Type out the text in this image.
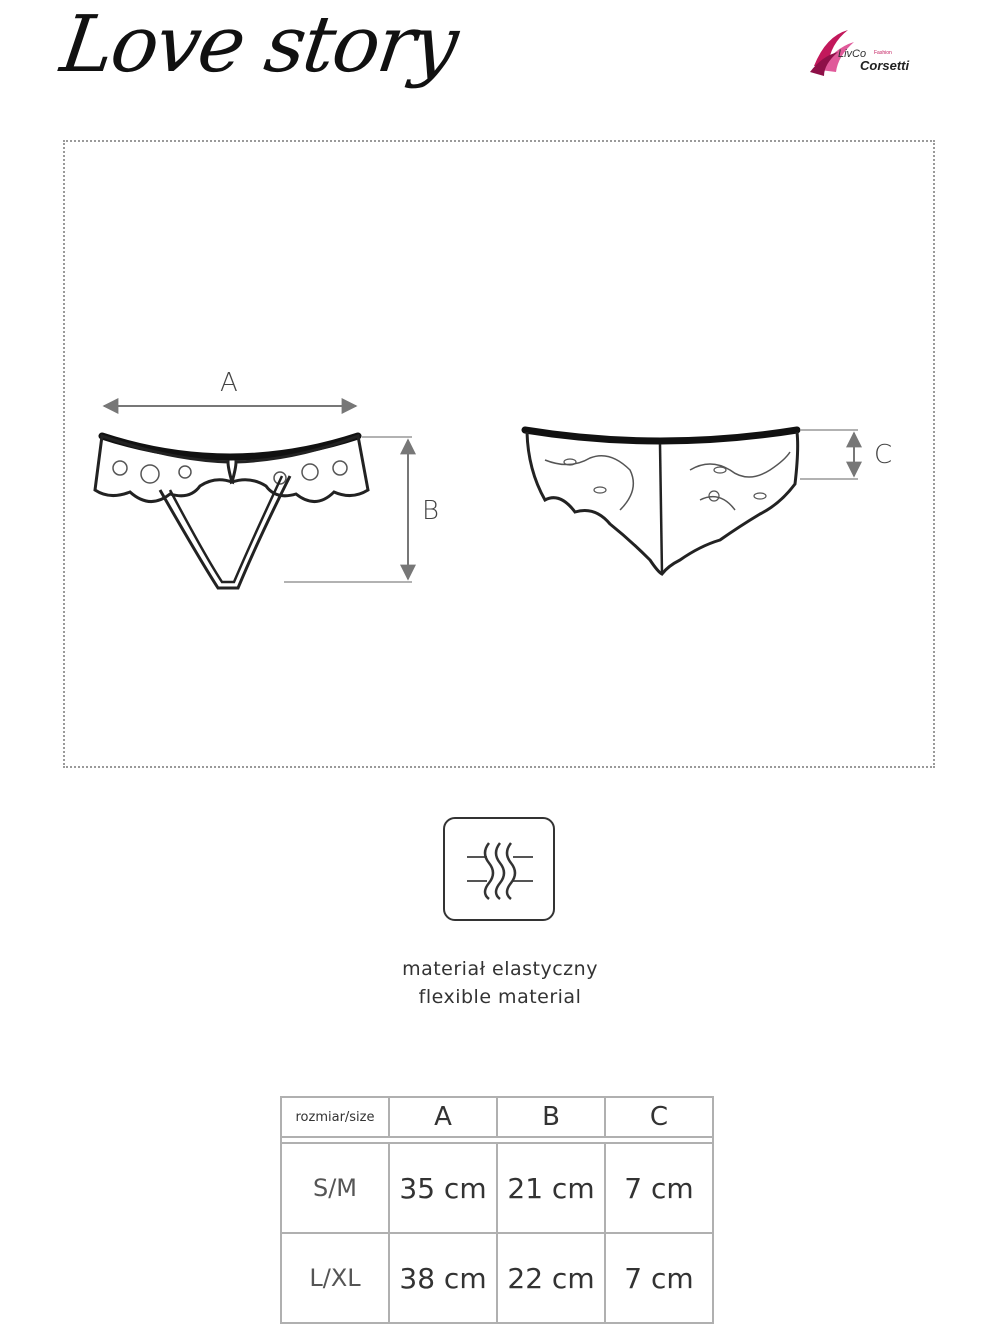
Love story	LivCo Fashion
Corsetti
A
B
C
materiał elastyczny
flexible material
rozmiar/size	A	B	C

S/M	35 cm	21 cm	7 cm
L/XL	38 cm	22 cm	7 cm
